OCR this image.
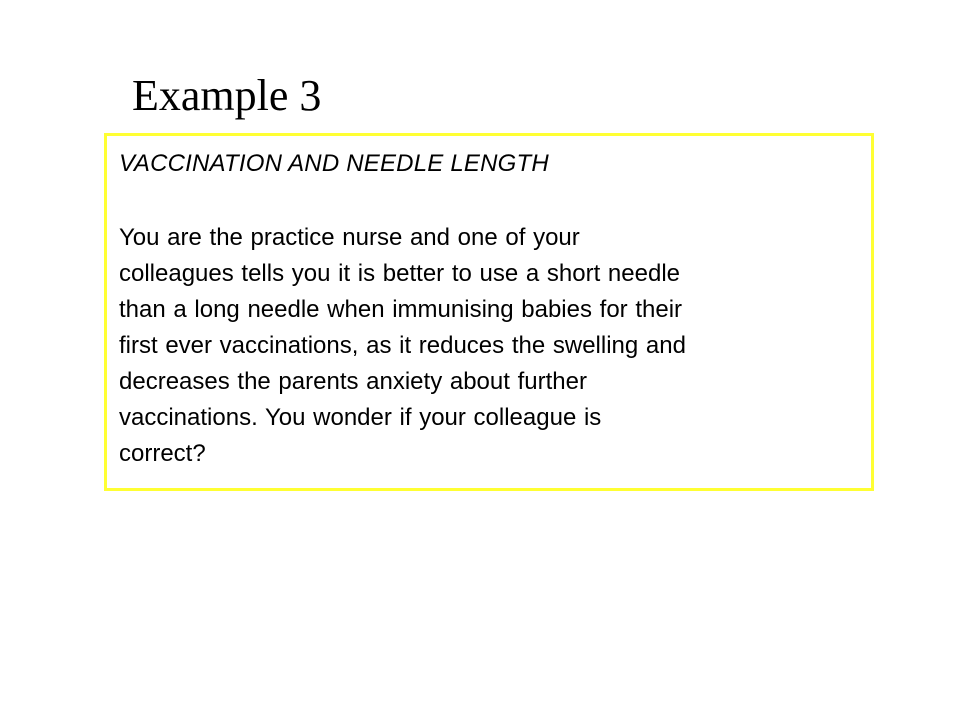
Example 3

VACCINATION AND NEEDLE LENGTH

You are the practice nurse and one of your
colleagues tells you it is better to use a short needle
than a long needle when immunising babies for their
first ever vaccinations, as it reduces the swelling and
decreases the parents anxiety about further
vaccinations. You wonder if your colleague is
correct?
